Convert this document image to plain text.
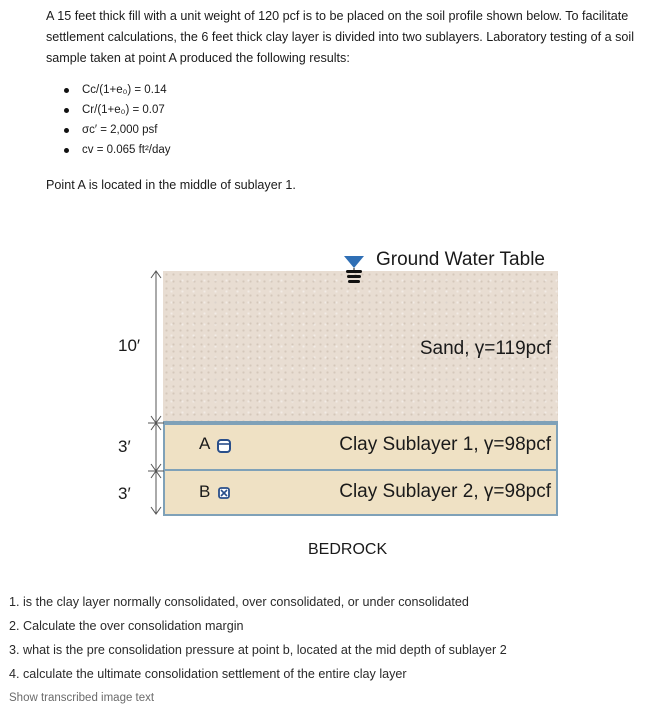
A 15 feet thick fill with a unit weight of 120 pcf is to be placed on the soil profile shown below. To facilitate settlement calculations, the 6 feet thick clay layer is divided into two sublayers. Laboratory testing of a soil sample taken at point A produced the following results:
Cc/(1+e₀) = 0.14
Cr/(1+e₀) = 0.07
σc′ = 2,000 psf
cv = 0.065 ft²/day
Point A is located in the middle of sublayer 1.
10′
3′
3′
Ground Water Table
Sand, γ=119pcf
Clay Sublayer 1, γ=98pcf
Clay Sublayer 2, γ=98pcf
A
B
BEDROCK
1. is the clay layer normally consolidated, over consolidated, or under consolidated
2. Calculate the over consolidation margin
3. what is the pre consolidation pressure at point b, located at the mid depth of sublayer 2
4. calculate the ultimate consolidation settlement of the entire clay layer
Show transcribed image text
